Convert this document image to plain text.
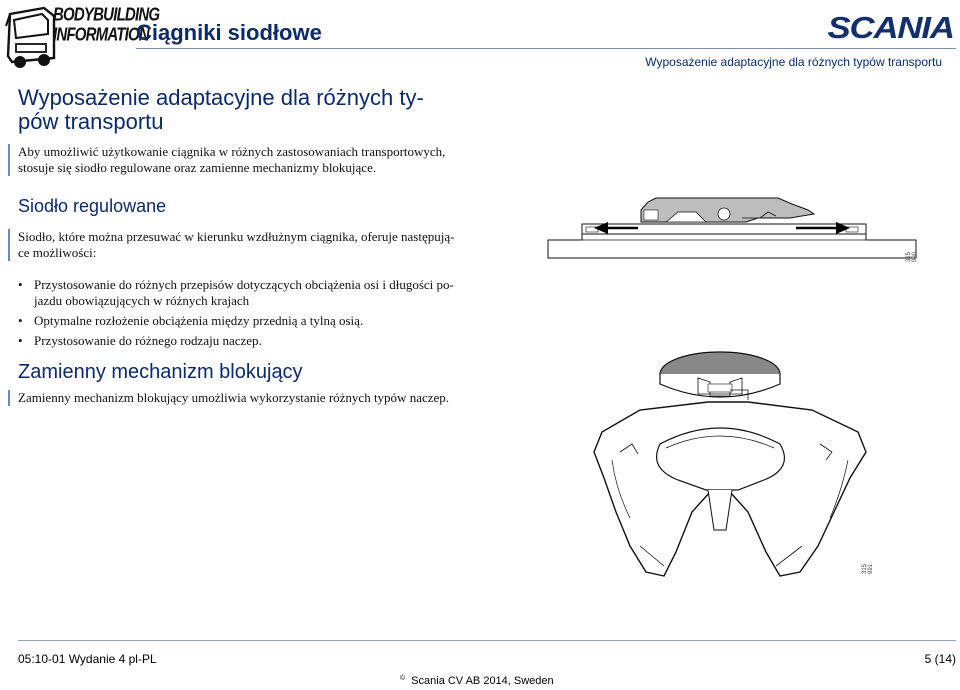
BODYBUILDING
INFORMATION
Ciągniki siodłowe	SCANIA
Wyposażenie adaptacyjne dla różnych typów transportu
Wyposażenie adaptacyjne dla różnych ty-
pów transportu
Aby umożliwić użytkowanie ciągnika w różnych zastosowaniach transportowych,
stosuje się siodło regulowane oraz zamienne mechanizmy blokujące.
Siodło regulowane
Siodło, które można przesuwać w kierunku wzdłużnym ciągnika, oferuje następują-
ce możliwości:
• Przystosowanie do różnych przepisów dotyczących obciążenia osi i długości po-
jazdu obowiązujących w różnych krajach
• Optymalne rozłożenie obciążenia między przednią a tylną osią.
• Przystosowanie do różnego rodzaju naczep.
Zamienny mechanizm blokujący
Zamienny mechanizm blokujący umożliwia wykorzystanie różnych typów naczep.
315 990
315 991
05:10-01 Wydanie 4 pl-PL	5 (14)
© Scania CV AB 2014, Sweden
